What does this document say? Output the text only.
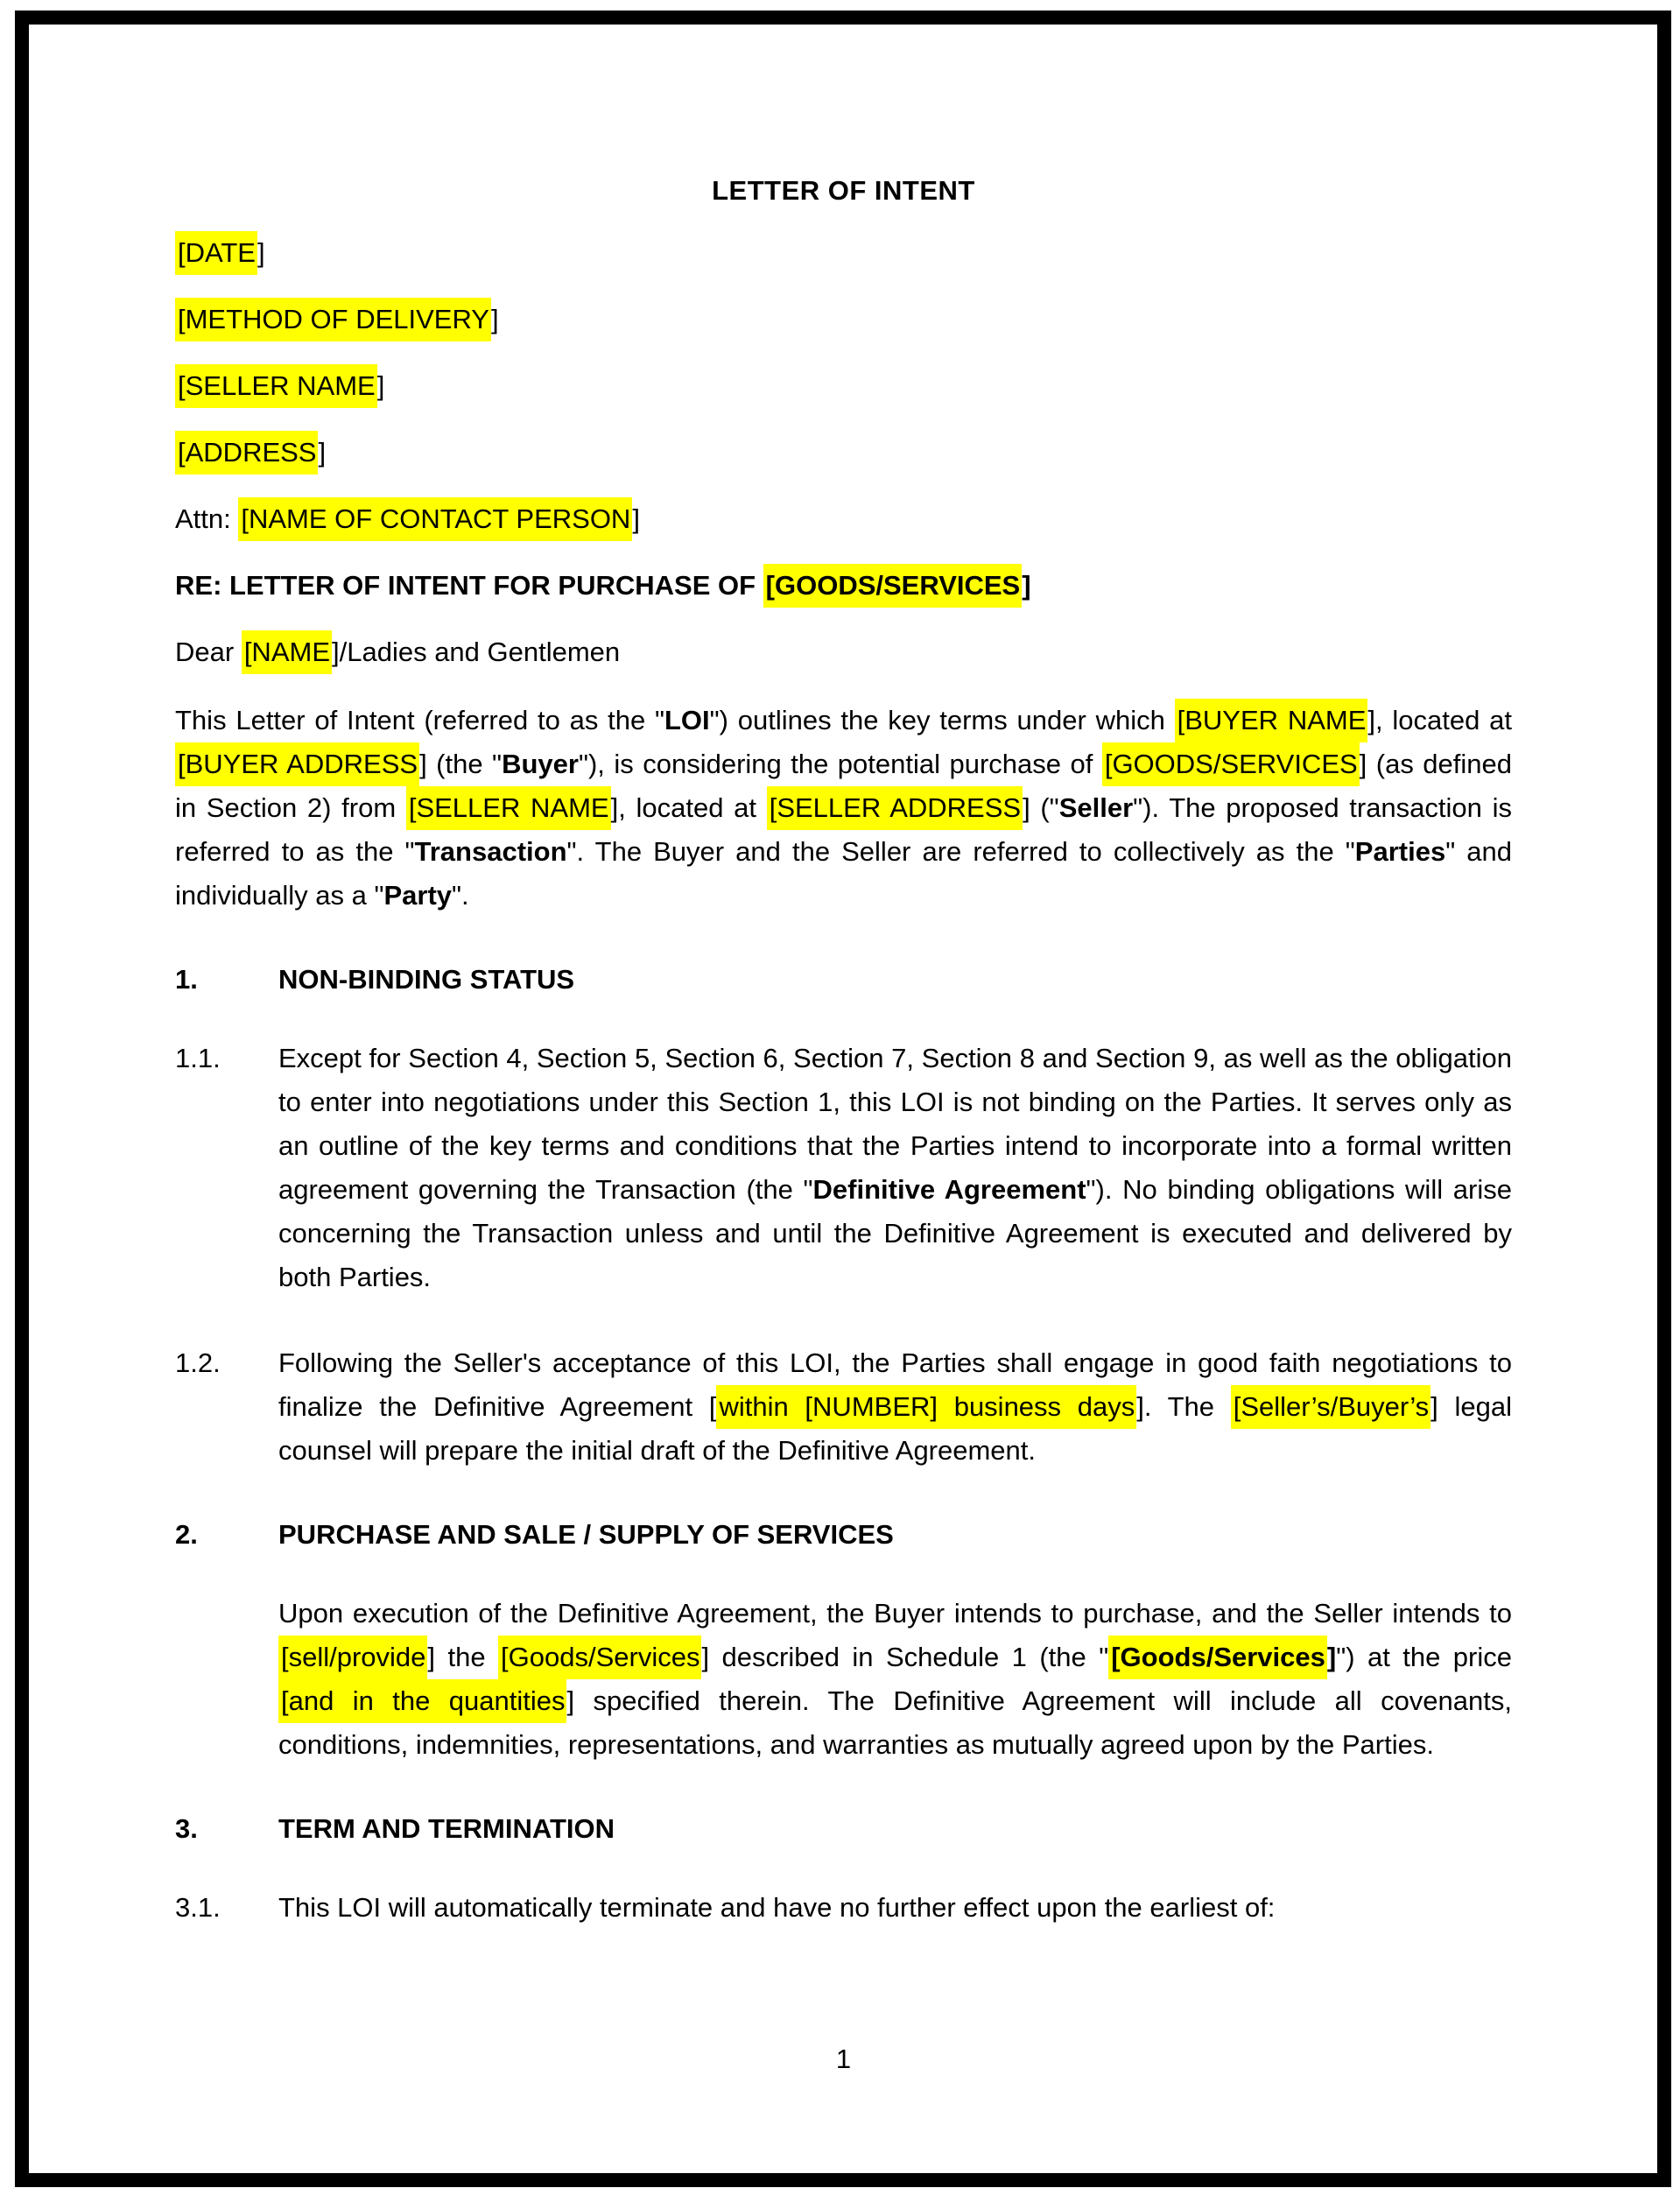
LETTER OF INTENT
[DATE]
[METHOD OF DELIVERY]
[SELLER NAME]
[ADDRESS]
Attn: [NAME OF CONTACT PERSON]
RE: LETTER OF INTENT FOR PURCHASE OF [GOODS/SERVICES]
Dear [NAME]/Ladies and Gentlemen
This Letter of Intent (referred to as the "LOI") outlines the key terms under which [BUYER NAME], located at [BUYER ADDRESS] (the "Buyer"), is considering the potential purchase of [GOODS/SERVICES] (as defined in Section 2) from [SELLER NAME], located at [SELLER ADDRESS] ("Seller"). The proposed transaction is referred to as the "Transaction". The Buyer and the Seller are referred to collectively as the "Parties" and individually as a "Party".
1.	NON-BINDING STATUS
1.1.	Except for Section 4, Section 5, Section 6, Section 7, Section 8 and Section 9, as well as the obligation to enter into negotiations under this Section 1, this LOI is not binding on the Parties. It serves only as an outline of the key terms and conditions that the Parties intend to incorporate into a formal written agreement governing the Transaction (the "Definitive Agreement"). No binding obligations will arise concerning the Transaction unless and until the Definitive Agreement is executed and delivered by both Parties.
1.2.	Following the Seller's acceptance of this LOI, the Parties shall engage in good faith negotiations to finalize the Definitive Agreement [within [NUMBER] business days]. The [Seller’s/Buyer’s] legal counsel will prepare the initial draft of the Definitive Agreement.
2.	PURCHASE AND SALE / SUPPLY OF SERVICES
Upon execution of the Definitive Agreement, the Buyer intends to purchase, and the Seller intends to [sell/provide] the [Goods/Services] described in Schedule 1 (the "[Goods/Services]") at the price [and in the quantities] specified therein. The Definitive Agreement will include all covenants, conditions, indemnities, representations, and warranties as mutually agreed upon by the Parties.
3.	TERM AND TERMINATION
3.1.	This LOI will automatically terminate and have no further effect upon the earliest of:
1
